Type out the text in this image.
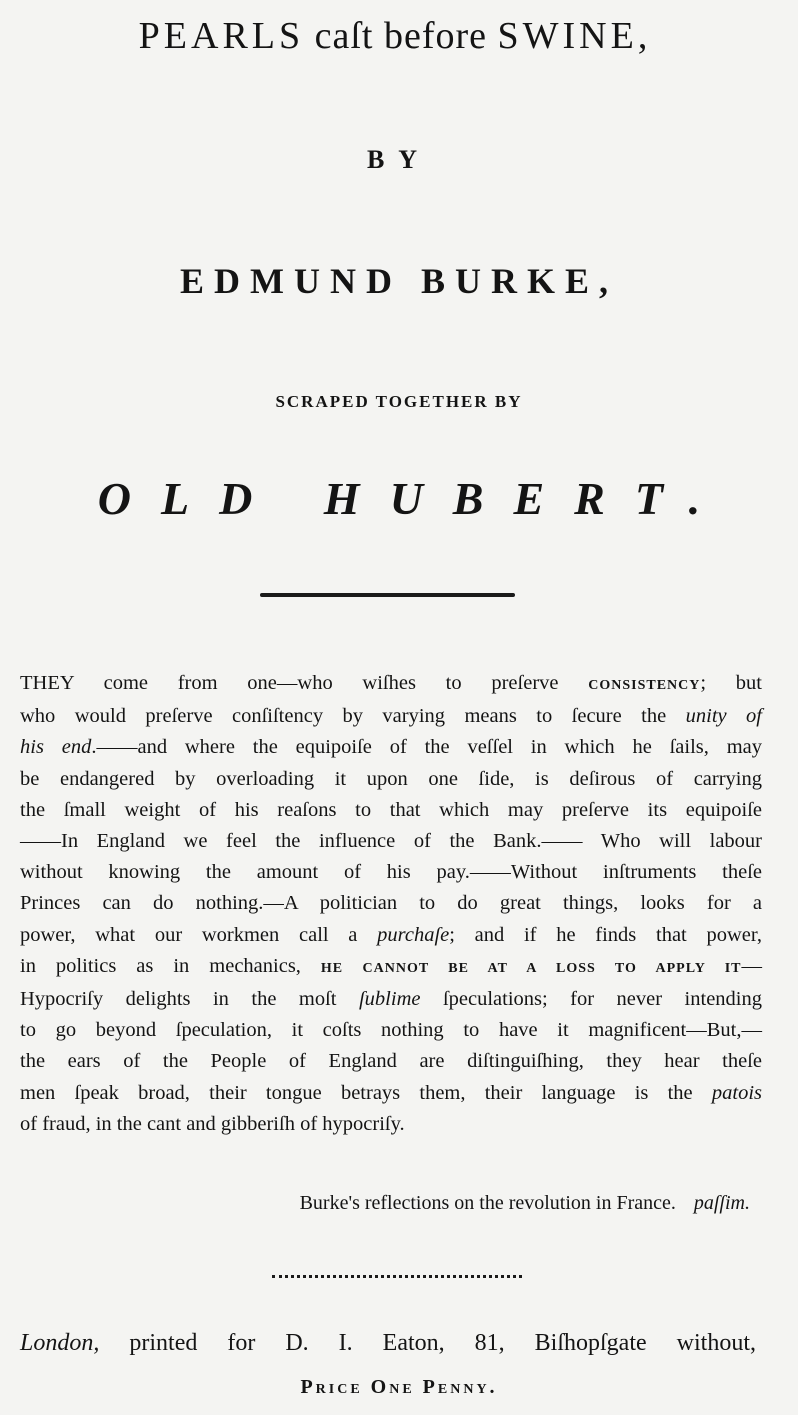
PEARLS caſt before SWINE,
BY
EDMUND BURKE,
SCRAPED TOGETHER BY
OLD HUBERT.
THEY come from one—who wiſhes to preſerve CONSISTENCY; but
who would preſerve conſiſtency by varying means to ſecure the unity of
his end.——and where the equipoiſe of the veſſel in which he ſails, may
be endangered by overloading it upon one ſide, is deſirous of carrying
the ſmall weight of his reaſons to that which may preſerve its equipoiſe
——In England we feel the influence of the Bank.—— Who will labour
without knowing the amount of his pay.——Without inſtruments theſe
Princes can do nothing.—A politician to do great things, looks for a
power, what our workmen call a purchaſe; and if he finds that power,
in politics as in mechanics, HE CANNOT BE AT A LOSS TO APPLY IT—
Hypocriſy delights in the moſt ſublime ſpeculations; for never intending
to go beyond ſpeculation, it coſts nothing to have it magnificent—But,—
the ears of the People of England are diſtinguiſhing, they hear theſe
men ſpeak broad, their tongue betrays them, their language is the patois
of fraud, in the cant and gibberiſh of hypocriſy.
Burke's reflections on the revolution in France. paſſim.
London, printed for D. I. Eaton, 81, Biſhopſgate without,
Price One Penny.
